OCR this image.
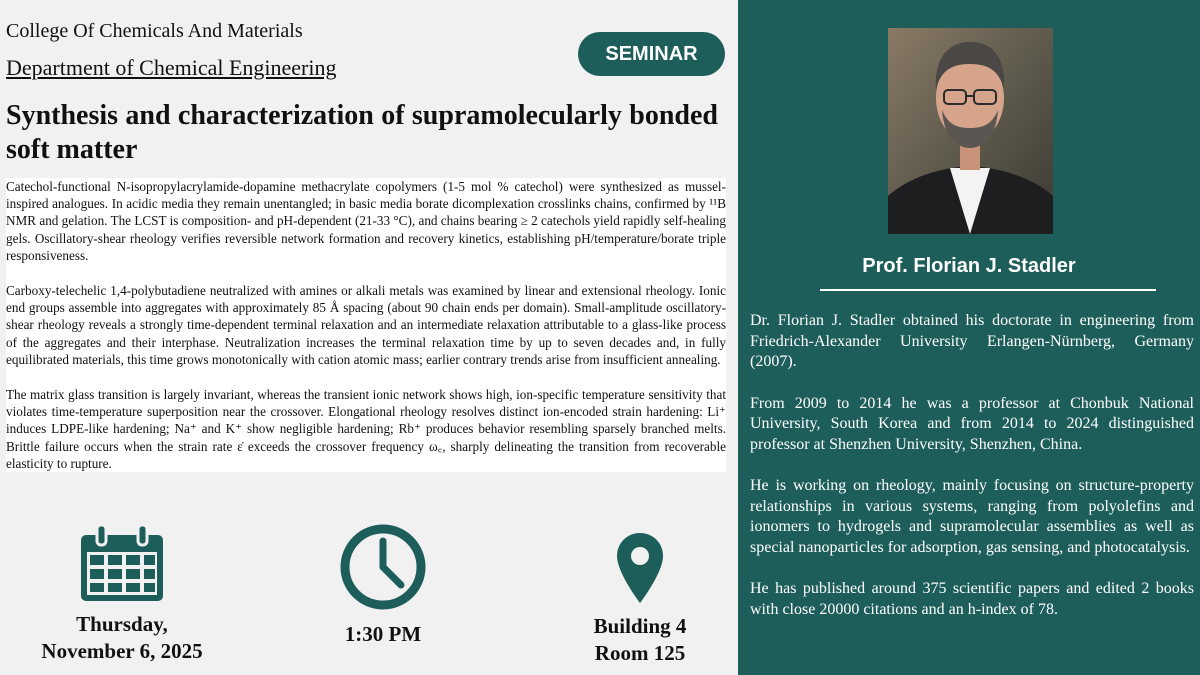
College Of Chemicals And Materials
Department of Chemical Engineering
SEMINAR
Synthesis and characterization of supramolecularly bonded soft matter

Catechol-functional N-isopropylacrylamide-dopamine methacrylate copolymers (1-5 mol % catechol) were synthesized as mussel-inspired analogues. In acidic media they remain unentangled; in basic media borate dicomplexation crosslinks chains, confirmed by ¹¹B NMR and gelation. The LCST is composition- and pH-dependent (21-33 °C), and chains bearing ≥ 2 catechols yield rapidly self-healing gels. Oscillatory-shear rheology verifies reversible network formation and recovery kinetics, establishing pH/temperature/borate triple responsiveness.

Carboxy-telechelic 1,4-polybutadiene neutralized with amines or alkali metals was examined by linear and extensional rheology. Ionic end groups assemble into aggregates with approximately 85 Å spacing (about 90 chain ends per domain). Small-amplitude oscillatory-shear rheology reveals a strongly time-dependent terminal relaxation and an intermediate relaxation attributable to a glass-like process of the aggregates and their interphase. Neutralization increases the terminal relaxation time by up to seven decades and, in fully equilibrated materials, this time grows monotonically with cation atomic mass; earlier contrary trends arise from insufficient annealing.

The matrix glass transition is largely invariant, whereas the transient ionic network shows high, ion-specific temperature sensitivity that violates time-temperature superposition near the crossover. Elongational rheology resolves distinct ion-encoded strain hardening: Li⁺ induces LDPE-like hardening; Na⁺ and K⁺ show negligible hardening; Rb⁺ produces behavior resembling sparsely branched melts. Brittle failure occurs when the strain rate ε̇ exceeds the crossover frequency ω꜀, sharply delineating the transition from recoverable elasticity to rupture.

Thursday,
November 6, 2025
1:30 PM	Building 4
Room 125
Prof. Florian J. Stadler

Dr. Florian J. Stadler obtained his doctorate in engineering from Friedrich-Alexander University Erlangen-Nürnberg, Germany (2007).

From 2009 to 2014 he was a professor at Chonbuk National University, South Korea and from 2014 to 2024 distinguished professor at Shenzhen University, Shenzhen, China.

He is working on rheology, mainly focusing on structure-property relationships in various systems, ranging from polyolefins and ionomers to hydrogels and supramolecular assemblies as well as special nanoparticles for adsorption, gas sensing, and photocatalysis.

He has published around 375 scientific papers and edited 2 books with close 20000 citations and an h-index of 78.
